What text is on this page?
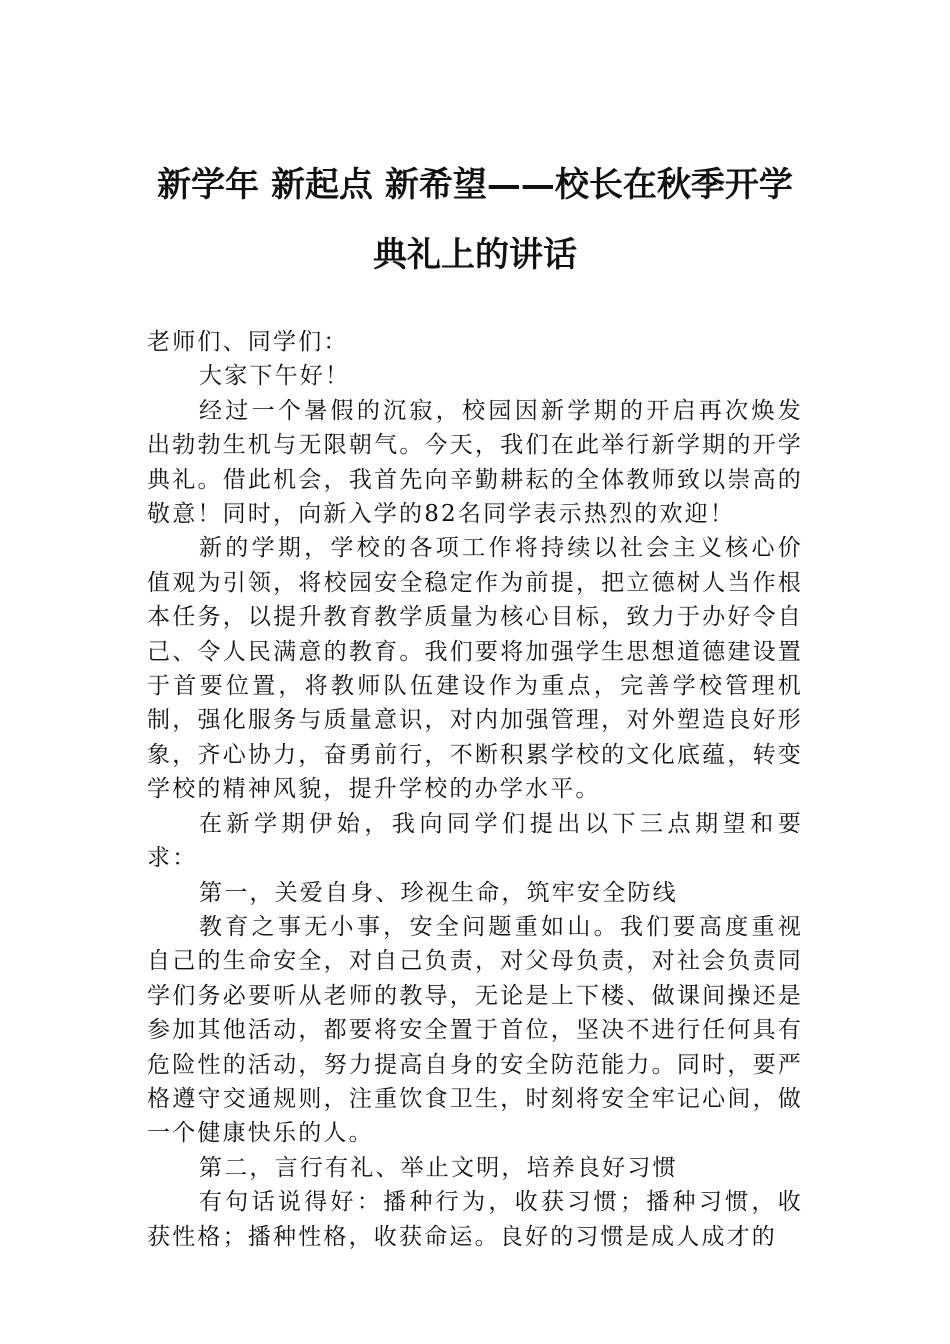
新学年 新起点 新希望——校长在秋季开学
典礼上的讲话

老师们、同学们：

大家下午好！

经过一个暑假的沉寂，校园因新学期的开启再次焕发出勃勃生机与无限朝气。今天，我们在此举行新学期的开学典礼。借此机会，我首先向辛勤耕耘的全体教师致以崇高的敬意！同时，向新入学的82名同学表示热烈的欢迎！

新的学期，学校的各项工作将持续以社会主义核心价值观为引领，将校园安全稳定作为前提，把立德树人当作根本任务，以提升教育教学质量为核心目标，致力于办好令自己、令人民满意的教育。我们要将加强学生思想道德建设置于首要位置，将教师队伍建设作为重点，完善学校管理机制，强化服务与质量意识，对内加强管理，对外塑造良好形象，齐心协力，奋勇前行，不断积累学校的文化底蕴，转变学校的精神风貌，提升学校的办学水平。

在新学期伊始，我向同学们提出以下三点期望和要求：

第一，关爱自身、珍视生命，筑牢安全防线

教育之事无小事，安全问题重如山。我们要高度重视自己的生命安全，对自己负责，对父母负责，对社会负责同学们务必要听从老师的教导，无论是上下楼、做课间操还是参加其他活动，都要将安全置于首位，坚决不进行任何具有危险性的活动，努力提高自身的安全防范能力。同时，要严格遵守交通规则，注重饮食卫生，时刻将安全牢记心间，做一个健康快乐的人。

第二，言行有礼、举止文明，培养良好习惯

有句话说得好：播种行为，收获习惯；播种习惯，收获性格；播种性格，收获命运。良好的习惯是成人成才的
